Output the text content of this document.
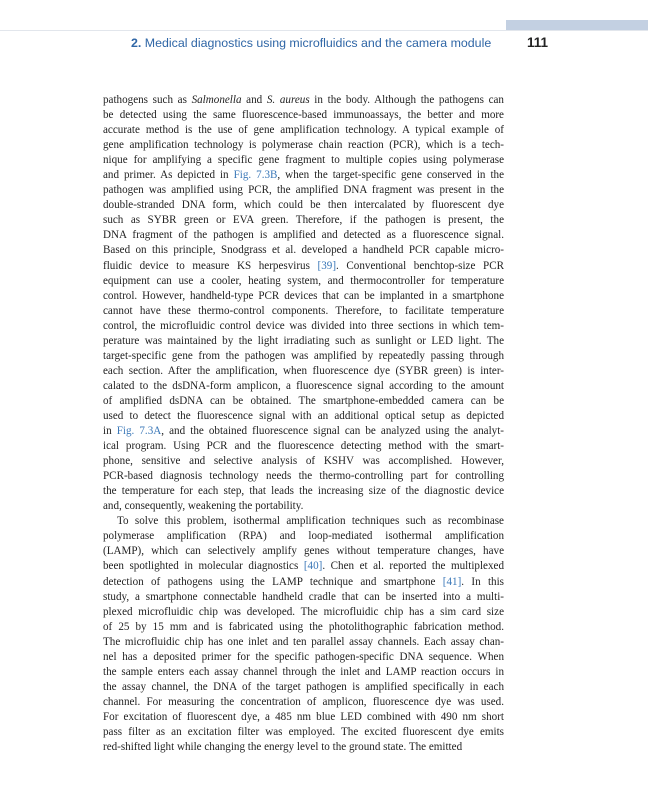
2. Medical diagnostics using microfluidics and the camera module	111

pathogens such as Salmonella and S. aureus in the body. Although the pathogens can
be detected using the same fluorescence-based immunoassays, the better and more
accurate method is the use of gene amplification technology. A typical example of
gene amplification technology is polymerase chain reaction (PCR), which is a tech-
nique for amplifying a specific gene fragment to multiple copies using polymerase
and primer. As depicted in Fig. 7.3B, when the target-specific gene conserved in the
pathogen was amplified using PCR, the amplified DNA fragment was present in the
double-stranded DNA form, which could be then intercalated by fluorescent dye
such as SYBR green or EVA green. Therefore, if the pathogen is present, the
DNA fragment of the pathogen is amplified and detected as a fluorescence signal.
Based on this principle, Snodgrass et al. developed a handheld PCR capable micro-
fluidic device to measure KS herpesvirus [39]. Conventional benchtop-size PCR
equipment can use a cooler, heating system, and thermocontroller for temperature
control. However, handheld-type PCR devices that can be implanted in a smartphone
cannot have these thermo-control components. Therefore, to facilitate temperature
control, the microfluidic control device was divided into three sections in which tem-
perature was maintained by the light irradiating such as sunlight or LED light. The
target-specific gene from the pathogen was amplified by repeatedly passing through
each section. After the amplification, when fluorescence dye (SYBR green) is inter-
calated to the dsDNA-form amplicon, a fluorescence signal according to the amount
of amplified dsDNA can be obtained. The smartphone-embedded camera can be
used to detect the fluorescence signal with an additional optical setup as depicted
in Fig. 7.3A, and the obtained fluorescence signal can be analyzed using the analyt-
ical program. Using PCR and the fluorescence detecting method with the smart-
phone, sensitive and selective analysis of KSHV was accomplished. However,
PCR-based diagnosis technology needs the thermo-controlling part for controlling
the temperature for each step, that leads the increasing size of the diagnostic device
and, consequently, weakening the portability.

To solve this problem, isothermal amplification techniques such as recombinase
polymerase amplification (RPA) and loop-mediated isothermal amplification
(LAMP), which can selectively amplify genes without temperature changes, have
been spotlighted in molecular diagnostics [40]. Chen et al. reported the multiplexed
detection of pathogens using the LAMP technique and smartphone [41]. In this
study, a smartphone connectable handheld cradle that can be inserted into a multi-
plexed microfluidic chip was developed. The microfluidic chip has a sim card size
of 25 by 15 mm and is fabricated using the photolithographic fabrication method.
The microfluidic chip has one inlet and ten parallel assay channels. Each assay chan-
nel has a deposited primer for the specific pathogen-specific DNA sequence. When
the sample enters each assay channel through the inlet and LAMP reaction occurs in
the assay channel, the DNA of the target pathogen is amplified specifically in each
channel. For measuring the concentration of amplicon, fluorescence dye was used.
For excitation of fluorescent dye, a 485 nm blue LED combined with 490 nm short
pass filter as an excitation filter was employed. The excited fluorescent dye emits
red-shifted light while changing the energy level to the ground state. The emitted
